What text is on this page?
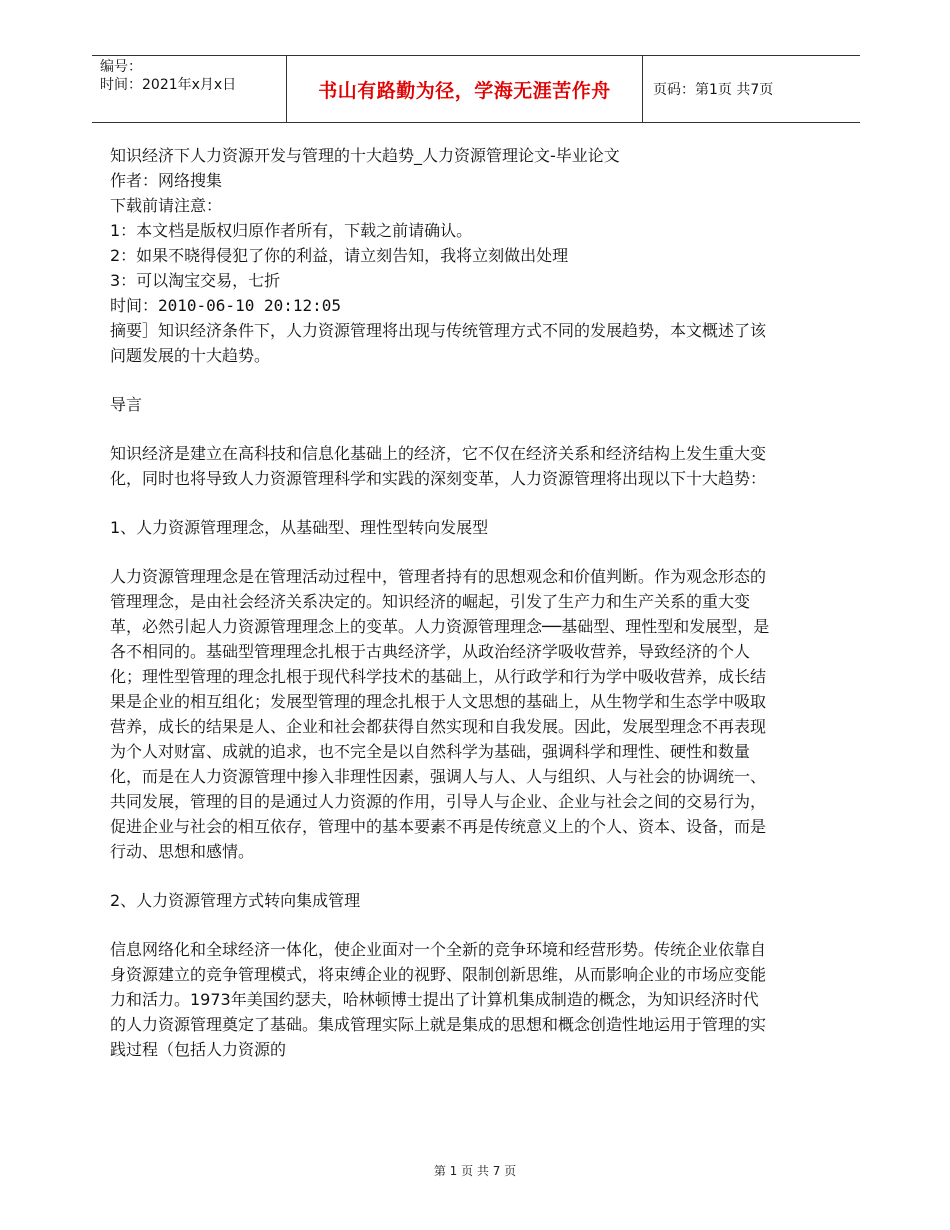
编号：
时间：2021年x月x日	书山有路勤为径，学海无涯苦作舟	页码：第1页 共7页

知识经济下人力资源开发与管理的十大趋势_人力资源管理论文-毕业论文

作者：网络搜集

下载前请注意：

1：本文档是版权归原作者所有，下载之前请确认。

2：如果不晓得侵犯了你的利益，请立刻告知，我将立刻做出处理

3：可以淘宝交易，七折

时间：2010-06-10 20:12:05

摘要］知识经济条件下，人力资源管理将出现与传统管理方式不同的发展趋势，本文概述了该问题发展的十大趋势。

导言

知识经济是建立在高科技和信息化基础上的经济，它不仅在经济关系和经济结构上发生重大变化，同时也将导致人力资源管理科学和实践的深刻变革，人力资源管理将出现以下十大趋势：

1、人力资源管理理念，从基础型、理性型转向发展型

人力资源管理理念是在管理活动过程中，管理者持有的思想观念和价值判断。作为观念形态的管理理念，是由社会经济关系决定的。知识经济的崛起，引发了生产力和生产关系的重大变革，必然引起人力资源管理理念上的变革。人力资源管理理念──基础型、理性型和发展型，是各不相同的。基础型管理理念扎根于古典经济学，从政治经济学吸收营养，导致经济的个人化；理性型管理的理念扎根于现代科学技术的基础上，从行政学和行为学中吸收营养，成长结果是企业的相互组化；发展型管理的理念扎根于人文思想的基础上，从生物学和生态学中吸取营养，成长的结果是人、企业和社会都获得自然实现和自我发展。因此，发展型理念不再表现为个人对财富、成就的追求，也不完全是以自然科学为基础，强调科学和理性、硬性和数量化，而是在人力资源管理中掺入非理性因素，强调人与人、人与组织、人与社会的协调统一、共同发展，管理的目的是通过人力资源的作用，引导人与企业、企业与社会之间的交易行为，促进企业与社会的相互依存，管理中的基本要素不再是传统意义上的个人、资本、设备，而是行动、思想和感情。

2、人力资源管理方式转向集成管理

信息网络化和全球经济一体化，使企业面对一个全新的竞争环境和经营形势。传统企业依靠自身资源建立的竞争管理模式，将束缚企业的视野、限制创新思维，从而影响企业的市场应变能力和活力。1973年美国约瑟夫，哈林顿博士提出了计算机集成制造的概念，为知识经济时代的人力资源管理奠定了基础。集成管理实际上就是集成的思想和概念创造性地运用于管理的实践过程（包括人力资源的

第 1 页 共 7 页
